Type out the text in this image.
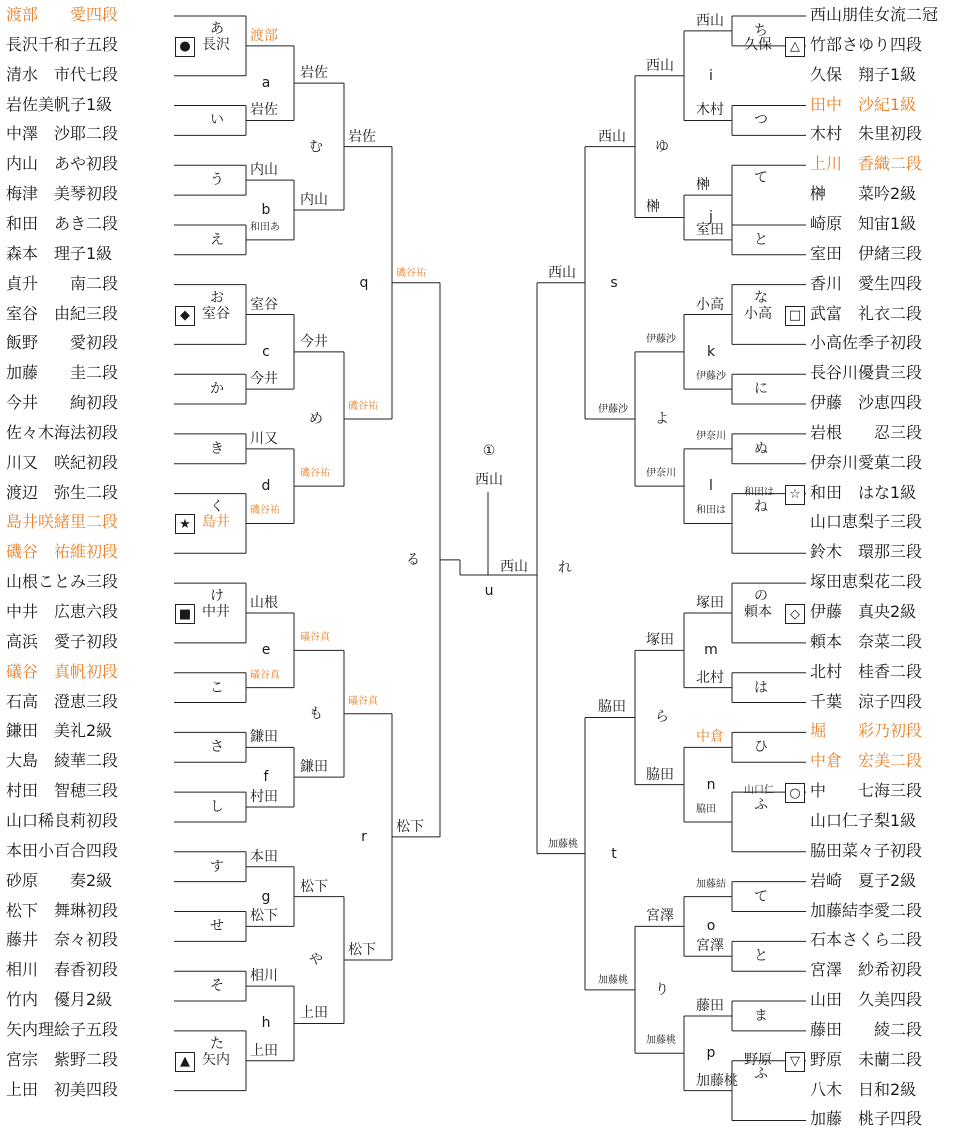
渡部　　愛四段
長沢千和子五段
清水　市代七段
岩佐美帆子1級
中澤　沙耶二段
内山　あや初段
梅津　美琴初段
和田　あき二段
森本　理子1級
貞升　　南二段
室谷　由紀三段
飯野　　愛初段
加藤　　圭二段
今井　　絢初段
佐々木海法初段
川又　咲紀初段
渡辺　弥生二段
島井咲緒里二段
磯谷　祐維初段
山根ことみ三段
中井　広恵六段
高浜　愛子初段
礒谷　真帆初段
石高　澄恵三段
鎌田　美礼2級
大島　綾華二段
村田　智穂三段
山口稀良莉初段
本田小百合四段
砂原　　奏2級
松下　舞琳初段
藤井　奈々初段
相川　春香初段
竹内　優月2級
矢内理絵子五段
宮宗　紫野二段
上田　初美四段
西山朋佳女流二冠
竹部さゆり四段
久保　翔子1級
田中　沙紀1級
木村　朱里初段
上川　香織二段
榊　　菜吟2級
崎原　知宙1級
室田　伊緒三段
香川　愛生四段
武富　礼衣二段
小高佐季子初段
長谷川優貴三段
伊藤　沙恵四段
岩根　　忍三段
伊奈川愛菓二段
和田　はな1級
山口恵梨子三段
鈴木　環那三段
塚田恵梨花二段
伊藤　真央2級
頼本　奈菜二段
北村　桂香二段
千葉　涼子四段
堀　　彩乃初段
中倉　宏美二段
中　　七海三段
山口仁子梨1級
脇田菜々子初段
岩崎　夏子2級
加藤結李愛二段
石本さくら二段
宮澤　紗希初段
山田　久美四段
藤田　　綾二段
野原　未蘭二段
八木　日和2級
加藤　桃子四段
あ
い
う
え
お
か
き
く
け
こ
さ
し
す
せ
そ
た
●
◆
★
■
▲
a
渡部
岩佐
b
内山
和田あ
c
室谷
今井
d
川又
磯谷祐
e
山根
礒谷真
f
鎌田
村田
g
本田
松下
h
相川
上田
長沢
室谷
島井
中井
矢内
む
岩佐
内山
め
今井
磯谷祐
も
礒谷真
鎌田
や
松下
上田
q
岩佐
磯谷祐
r
礒谷真
松下
る
磯谷祐
松下
ち
つ
て
と
な
に
ぬ
ね
の
は
ひ
ふ
て
と
ま
ふ
△
□
☆
◇
○
▽
i
西山
木村
j
榊
室田
k
小高
伊藤沙
l
伊奈川
和田は
m
塚田
北村
n
中倉
脇田
o
加藤結
宮澤
p
藤田
加藤桃
久保
小高
和田は
頼本
山口仁
野原
ゆ
西山
榊
よ
伊藤沙
伊奈川
ら
塚田
脇田
り
宮澤
加藤桃
s
西山
伊藤沙
t
脇田
加藤桃
れ
西山
加藤桃
①
西山
u
西山
